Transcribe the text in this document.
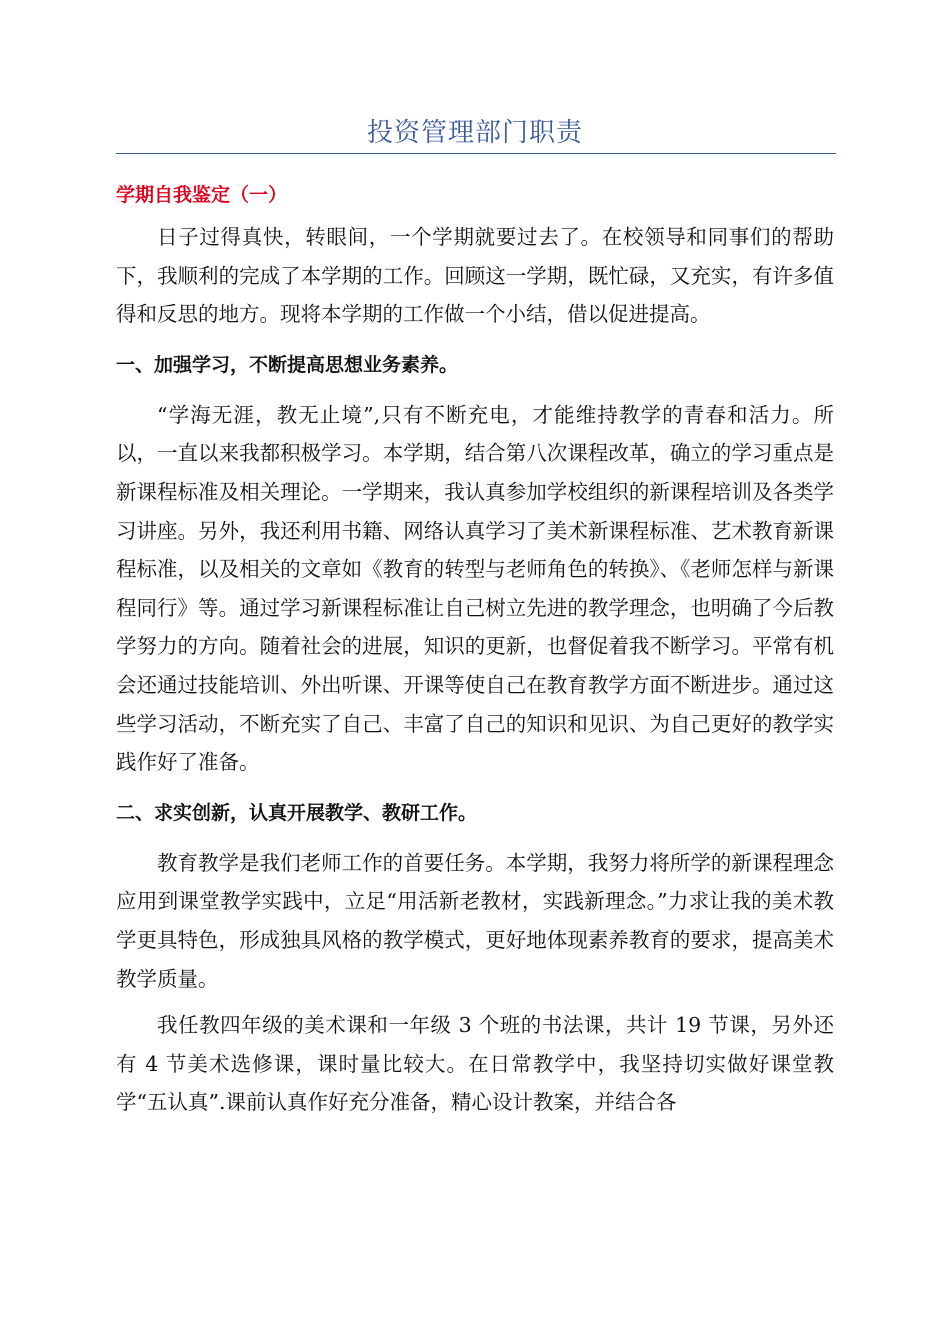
投资管理部门职责
学期自我鉴定（一）

日子过得真快，转眼间，一个学期就要过去了。在校领导和同事们的帮助下，我顺利的完成了本学期的工作。回顾这一学期，既忙碌，又充实，有许多值得和反思的地方。现将本学期的工作做一个小结，借以促进提高。

一、加强学习，不断提高思想业务素养。

“学海无涯，教无止境”,只有不断充电，才能维持教学的青春和活力。所以，一直以来我都积极学习。本学期，结合第八次课程改革，确立的学习重点是新课程标准及相关理论。一学期来，我认真参加学校组织的新课程培训及各类学习讲座。另外，我还利用书籍、网络认真学习了美术新课程标准、艺术教育新课程标准，以及相关的文章如《教育的转型与老师角色的转换》、《老师怎样与新课程同行》等。通过学习新课程标准让自己树立先进的教学理念，也明确了今后教学努力的方向。随着社会的进展，知识的更新，也督促着我不断学习。平常有机会还通过技能培训、外出听课、开课等使自己在教育教学方面不断进步。通过这些学习活动，不断充实了自己、丰富了自己的知识和见识、为自己更好的教学实践作好了准备。

二、求实创新，认真开展教学、教研工作。

教育教学是我们老师工作的首要任务。本学期，我努力将所学的新课程理念应用到课堂教学实践中，立足“用活新老教材，实践新理念。”力求让我的美术教学更具特色，形成独具风格的教学模式，更好地体现素养教育的要求，提高美术教学质量。

我任教四年级的美术课和一年级 3 个班的书法课，共计 19 节课，另外还有 4 节美术选修课，课时量比较大。在日常教学中，我坚持切实做好课堂教学“五认真”.课前认真作好充分准备，精心设计教案，并结合各
